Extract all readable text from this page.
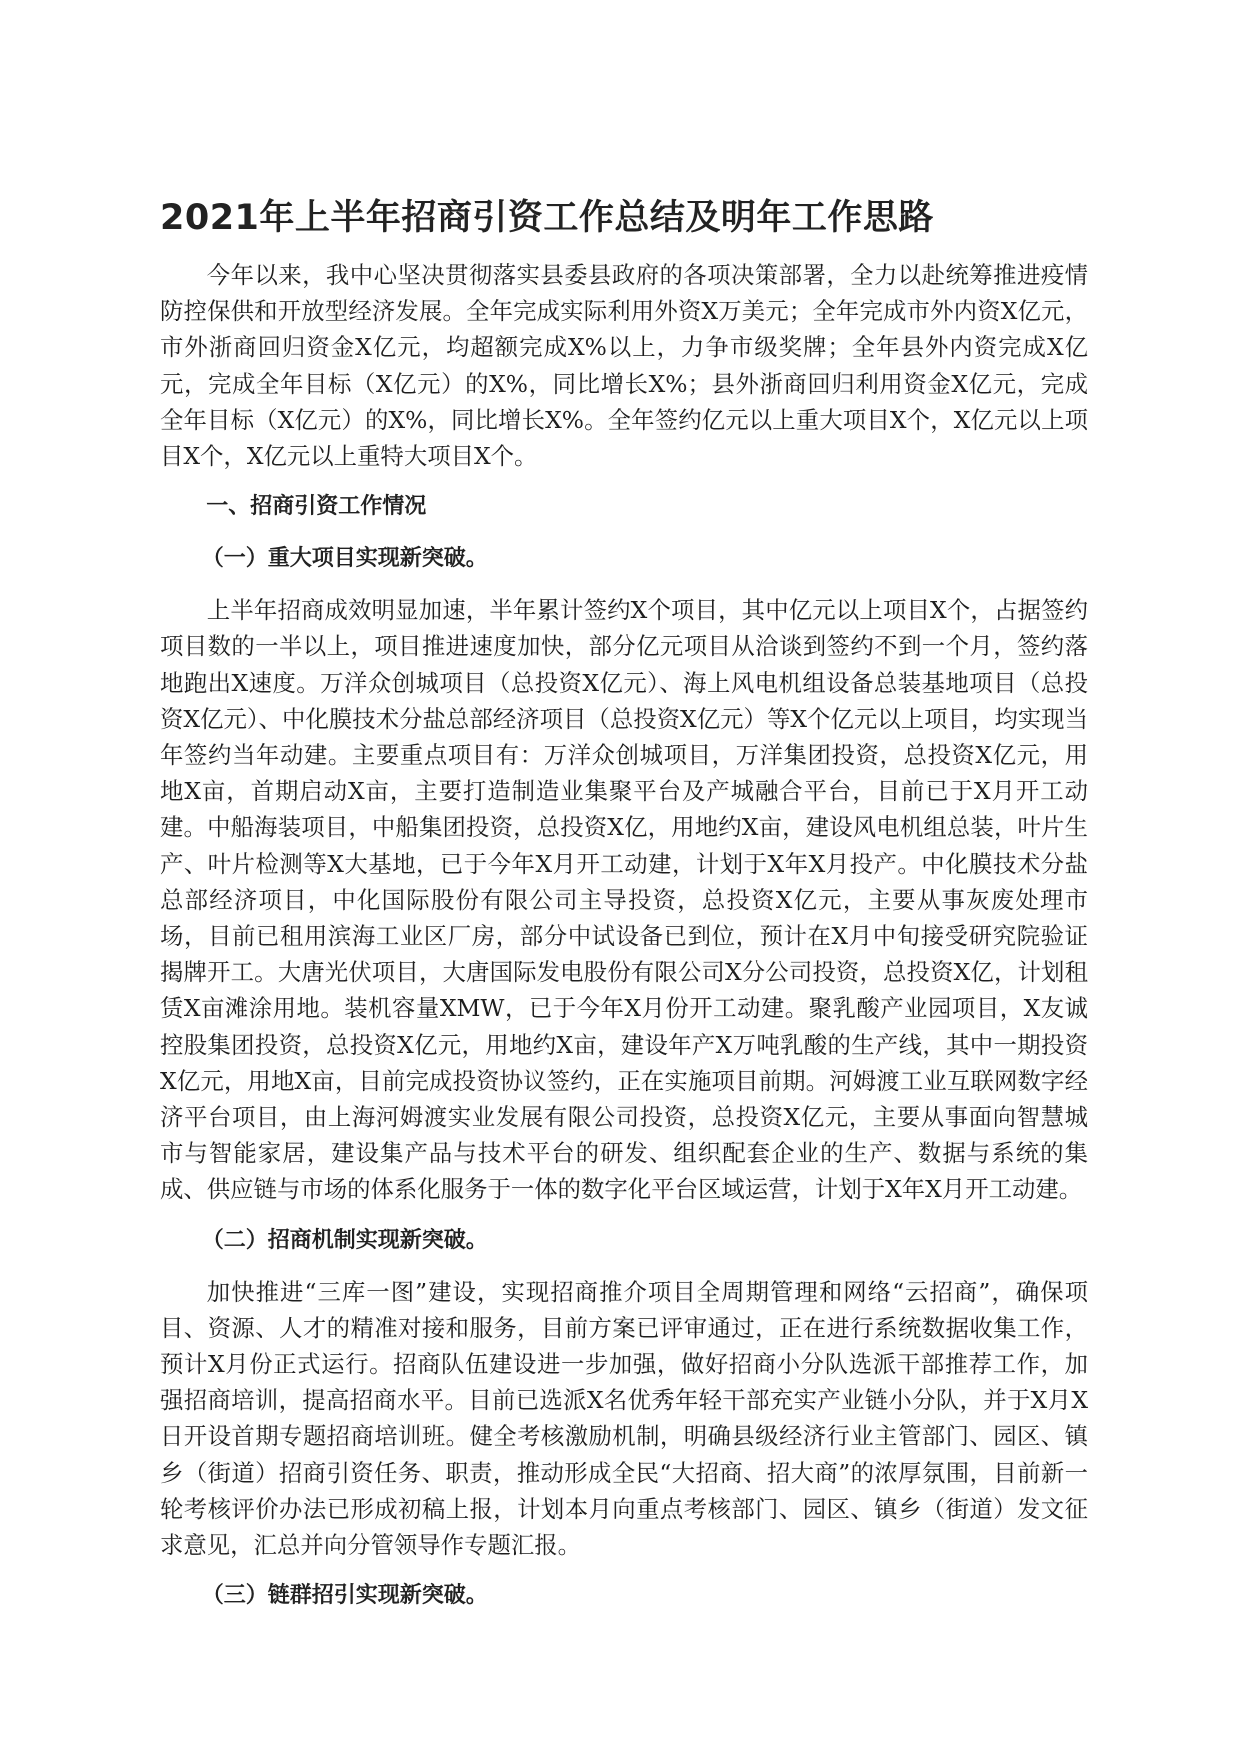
2021年上半年招商引资工作总结及明年工作思路

今年以来，我中心坚决贯彻落实县委县政府的各项决策部署，全力以赴统筹推进疫情防控保供和开放型经济发展。全年完成实际利用外资X万美元；全年完成市外内资X亿元，市外浙商回归资金X亿元，均超额完成X%以上，力争市级奖牌；全年县外内资完成X亿元，完成全年目标（X亿元）的X%，同比增长X%；县外浙商回归利用资金X亿元，完成全年目标（X亿元）的X%，同比增长X%。全年签约亿元以上重大项目X个，X亿元以上项目X个，X亿元以上重特大项目X个。

一、招商引资工作情况
（一）重大项目实现新突破。

上半年招商成效明显加速，半年累计签约X个项目，其中亿元以上项目X个，占据签约项目数的一半以上，项目推进速度加快，部分亿元项目从洽谈到签约不到一个月，签约落地跑出X速度。万洋众创城项目（总投资X亿元）、海上风电机组设备总装基地项目（总投资X亿元）、中化膜技术分盐总部经济项目（总投资X亿元）等X个亿元以上项目，均实现当年签约当年动建。主要重点项目有：万洋众创城项目，万洋集团投资，总投资X亿元，用地X亩，首期启动X亩，主要打造制造业集聚平台及产城融合平台，目前已于X月开工动建。中船海装项目，中船集团投资，总投资X亿，用地约X亩，建设风电机组总装，叶片生产、叶片检测等X大基地，已于今年X月开工动建，计划于X年X月投产。中化膜技术分盐总部经济项目，中化国际股份有限公司主导投资，总投资X亿元，主要从事灰废处理市场，目前已租用滨海工业区厂房，部分中试设备已到位，预计在X月中旬接受研究院验证揭牌开工。大唐光伏项目，大唐国际发电股份有限公司X分公司投资，总投资X亿，计划租赁X亩滩涂用地。装机容量XMW，已于今年X月份开工动建。聚乳酸产业园项目，X友诚控股集团投资，总投资X亿元，用地约X亩，建设年产X万吨乳酸的生产线，其中一期投资X亿元，用地X亩，目前完成投资协议签约，正在实施项目前期。河姆渡工业互联网数字经济平台项目，由上海河姆渡实业发展有限公司投资，总投资X亿元，主要从事面向智慧城市与智能家居，建设集产品与技术平台的研发、组织配套企业的生产、数据与系统的集成、供应链与市场的体系化服务于一体的数字化平台区域运营，计划于X年X月开工动建。

（二）招商机制实现新突破。

加快推进“三库一图”建设，实现招商推介项目全周期管理和网络“云招商”，确保项目、资源、人才的精准对接和服务，目前方案已评审通过，正在进行系统数据收集工作，预计X月份正式运行。招商队伍建设进一步加强，做好招商小分队选派干部推荐工作，加强招商培训，提高招商水平。目前已选派X名优秀年轻干部充实产业链小分队，并于X月X日开设首期专题招商培训班。健全考核激励机制，明确县级经济行业主管部门、园区、镇乡（街道）招商引资任务、职责，推动形成全民“大招商、招大商”的浓厚氛围，目前新一轮考核评价办法已形成初稿上报，计划本月向重点考核部门、园区、镇乡（街道）发文征求意见，汇总并向分管领导作专题汇报。

（三）链群招引实现新突破。
